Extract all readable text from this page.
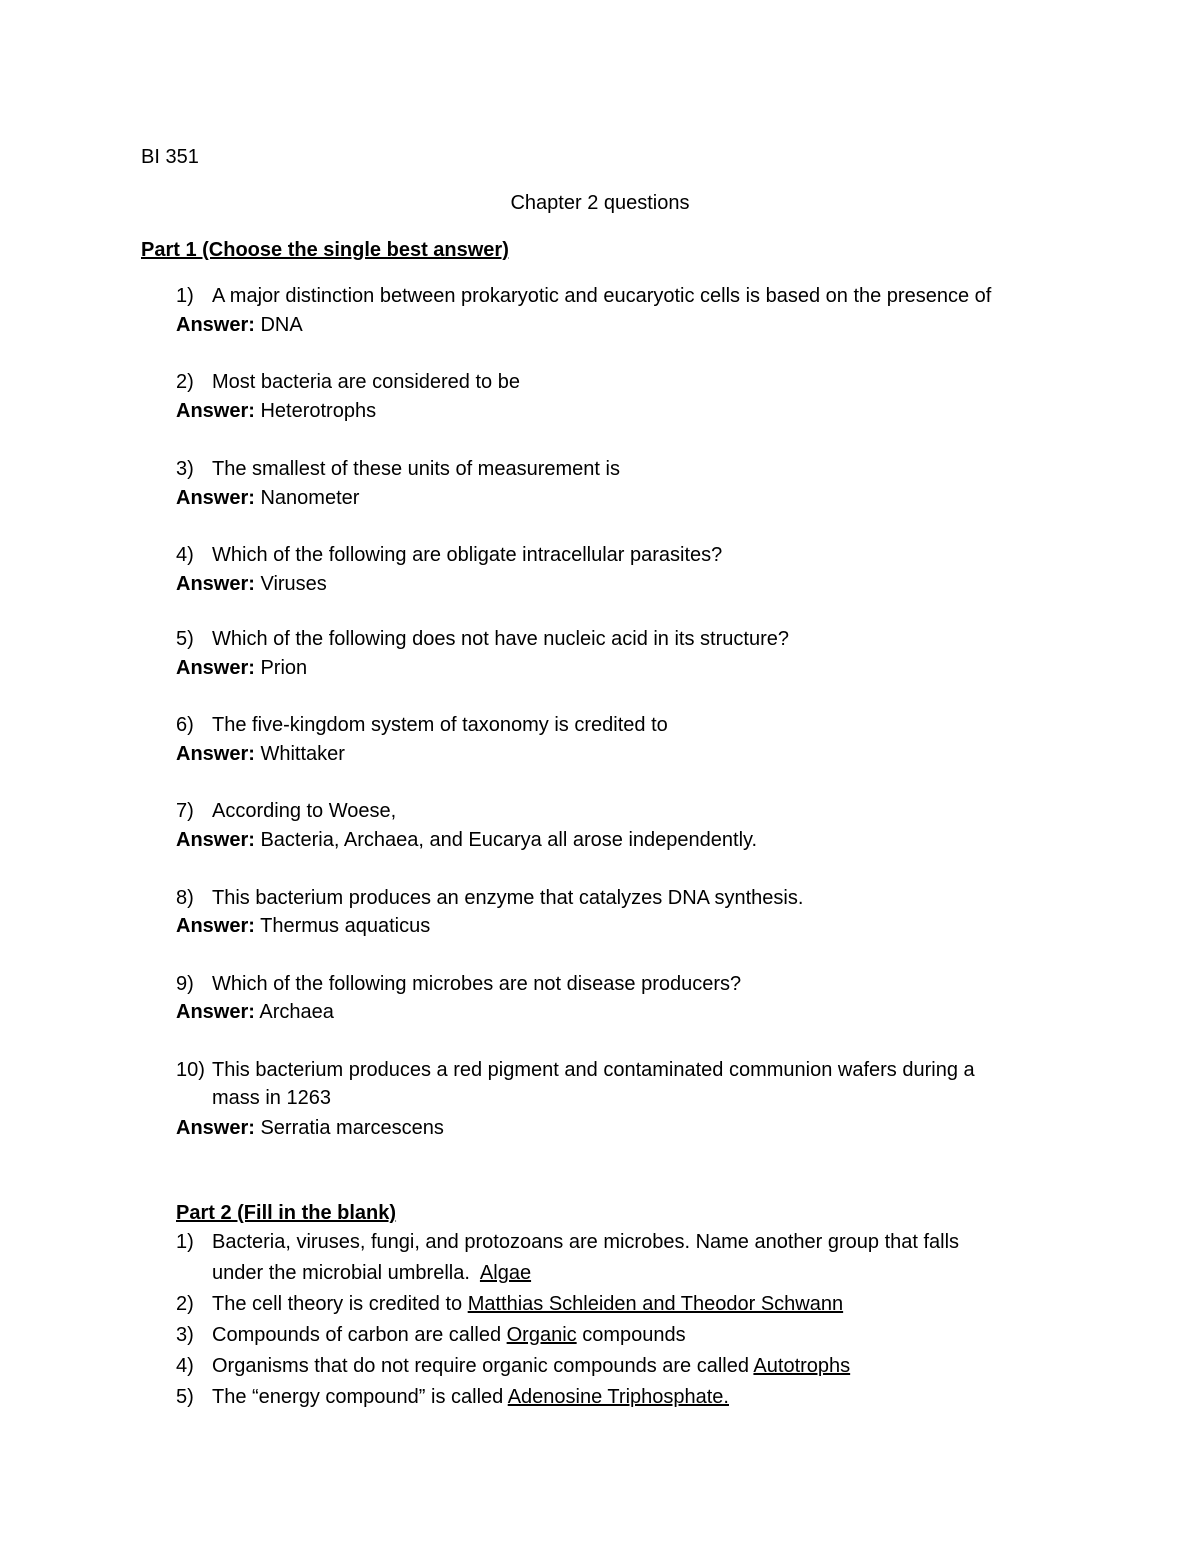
BI 351
Chapter 2 questions
Part 1 (Choose the single best answer)
1) A major distinction between prokaryotic and eucaryotic cells is based on the presence of
Answer: DNA
2) Most bacteria are considered to be
Answer: Heterotrophs
3) The smallest of these units of measurement is
Answer: Nanometer
4) Which of the following are obligate intracellular parasites?
Answer: Viruses
5) Which of the following does not have nucleic acid in its structure?
Answer: Prion
6) The five-kingdom system of taxonomy is credited to
Answer: Whittaker
7) According to Woese,
Answer: Bacteria, Archaea, and Eucarya all arose independently.
8) This bacterium produces an enzyme that catalyzes DNA synthesis.
Answer: Thermus aquaticus
9) Which of the following microbes are not disease producers?
Answer: Archaea
10) This bacterium produces a red pigment and contaminated communion wafers during a
mass in 1263
Answer: Serratia marcescens
Part 2 (Fill in the blank)
1) Bacteria, viruses, fungi, and protozoans are microbes. Name another group that falls
under the microbial umbrella.  Algae
2) The cell theory is credited to Matthias Schleiden and Theodor Schwann
3) Compounds of carbon are called Organic compounds
4) Organisms that do not require organic compounds are called Autotrophs
5) The “energy compound” is called Adenosine Triphosphate.
